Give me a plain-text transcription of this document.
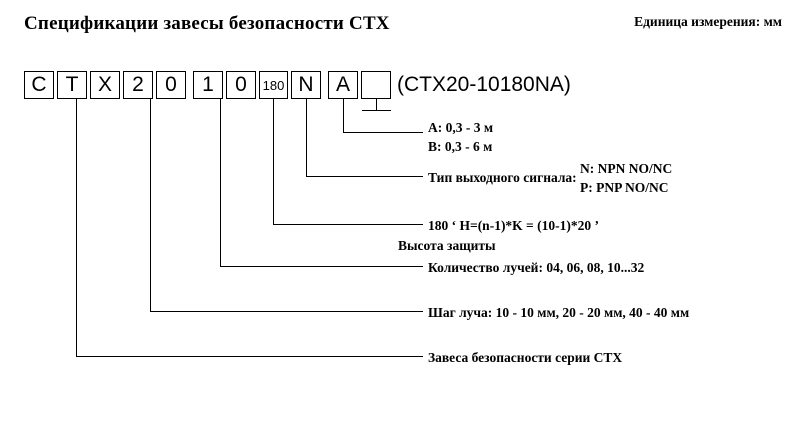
Спецификации завесы безопасности CTX	Единица измерения: мм
C T X 2	0	1	0	180 N	A	(CTX20-10180NA)
A: 0,3 - 3 м
B: 0,3 - 6 м
Тип выходного сигнала:
N: NPN NO/NC
P: PNP NO/NC
180 ‘ H=(n-1)*K = (10-1)*20 ’
Высота защиты
Количество лучей: 04, 06, 08, 10...32
Шаг луча: 10 - 10 мм, 20 - 20 мм, 40 - 40 мм
Завеса безопасности серии CTX
